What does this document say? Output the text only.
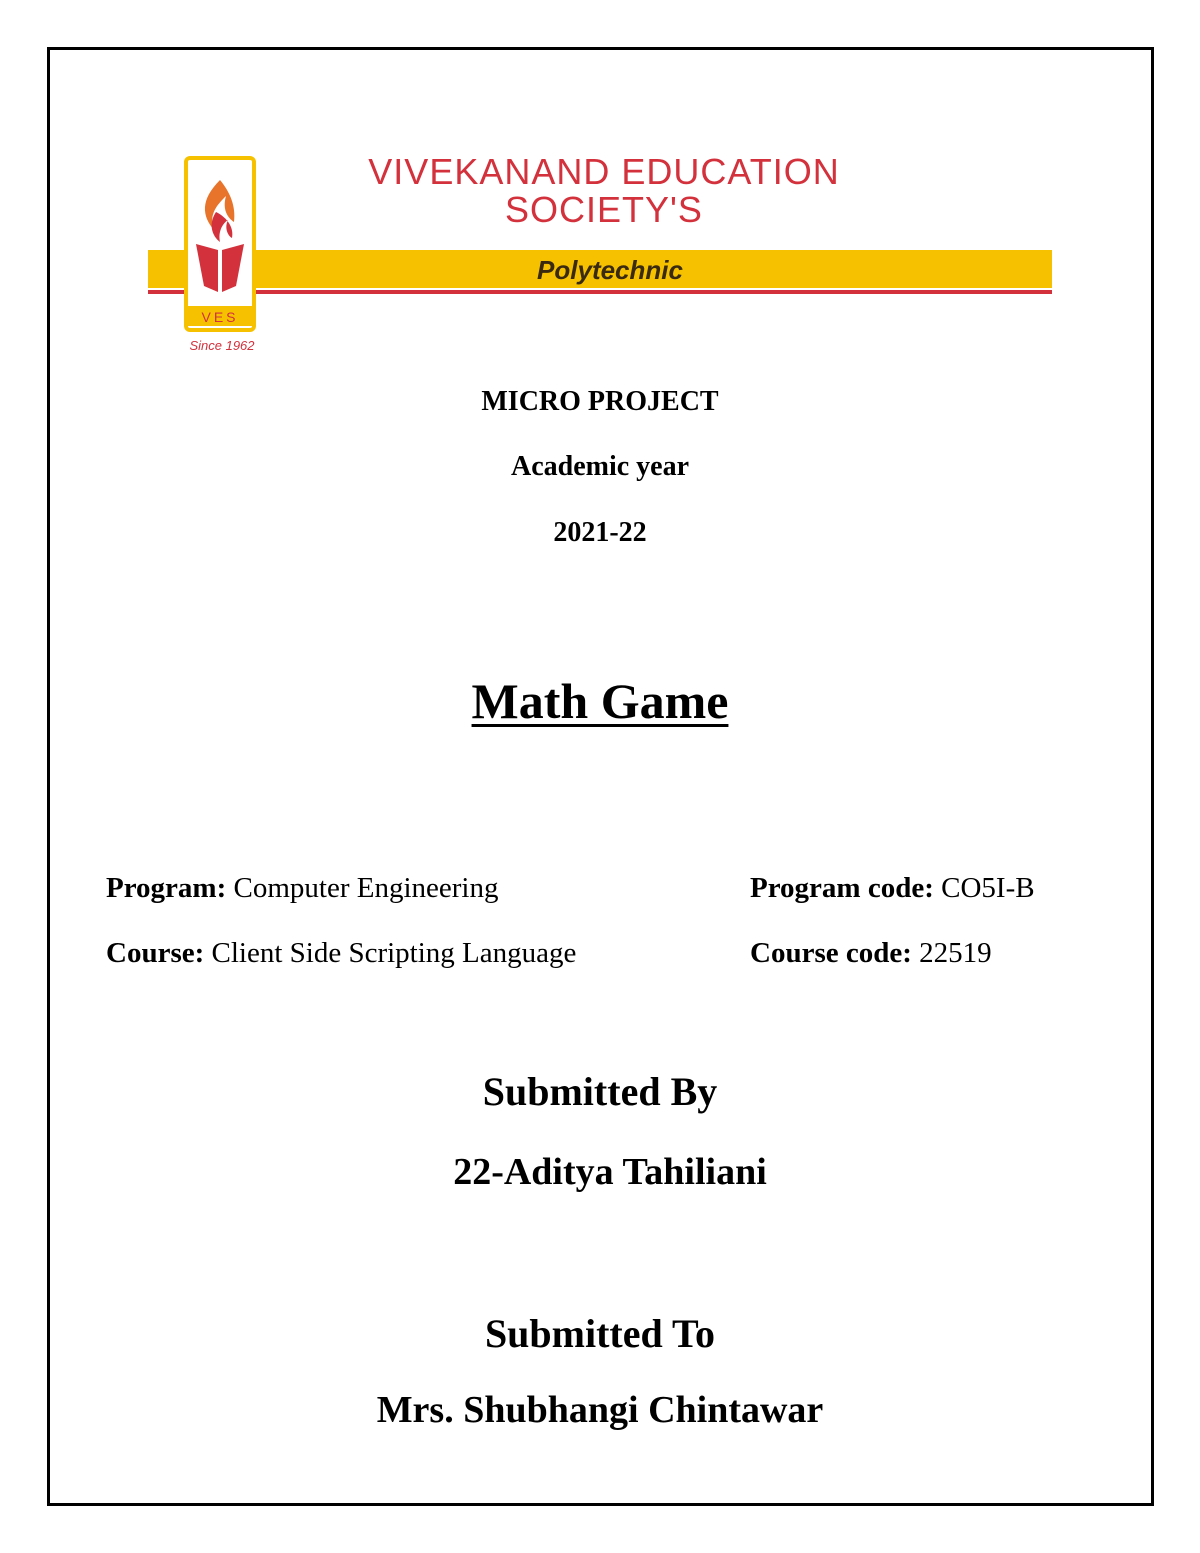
VES
Since 1962
VIVEKANAND EDUCATION
SOCIETY'S
Polytechnic
MICRO PROJECT
Academic year
2021-22
Math Game
Program: Computer Engineering	Program code: CO5I-B
Course: Client Side Scripting Language	Course code: 22519
Submitted By
22-Aditya Tahiliani
Submitted To
Mrs. Shubhangi Chintawar
